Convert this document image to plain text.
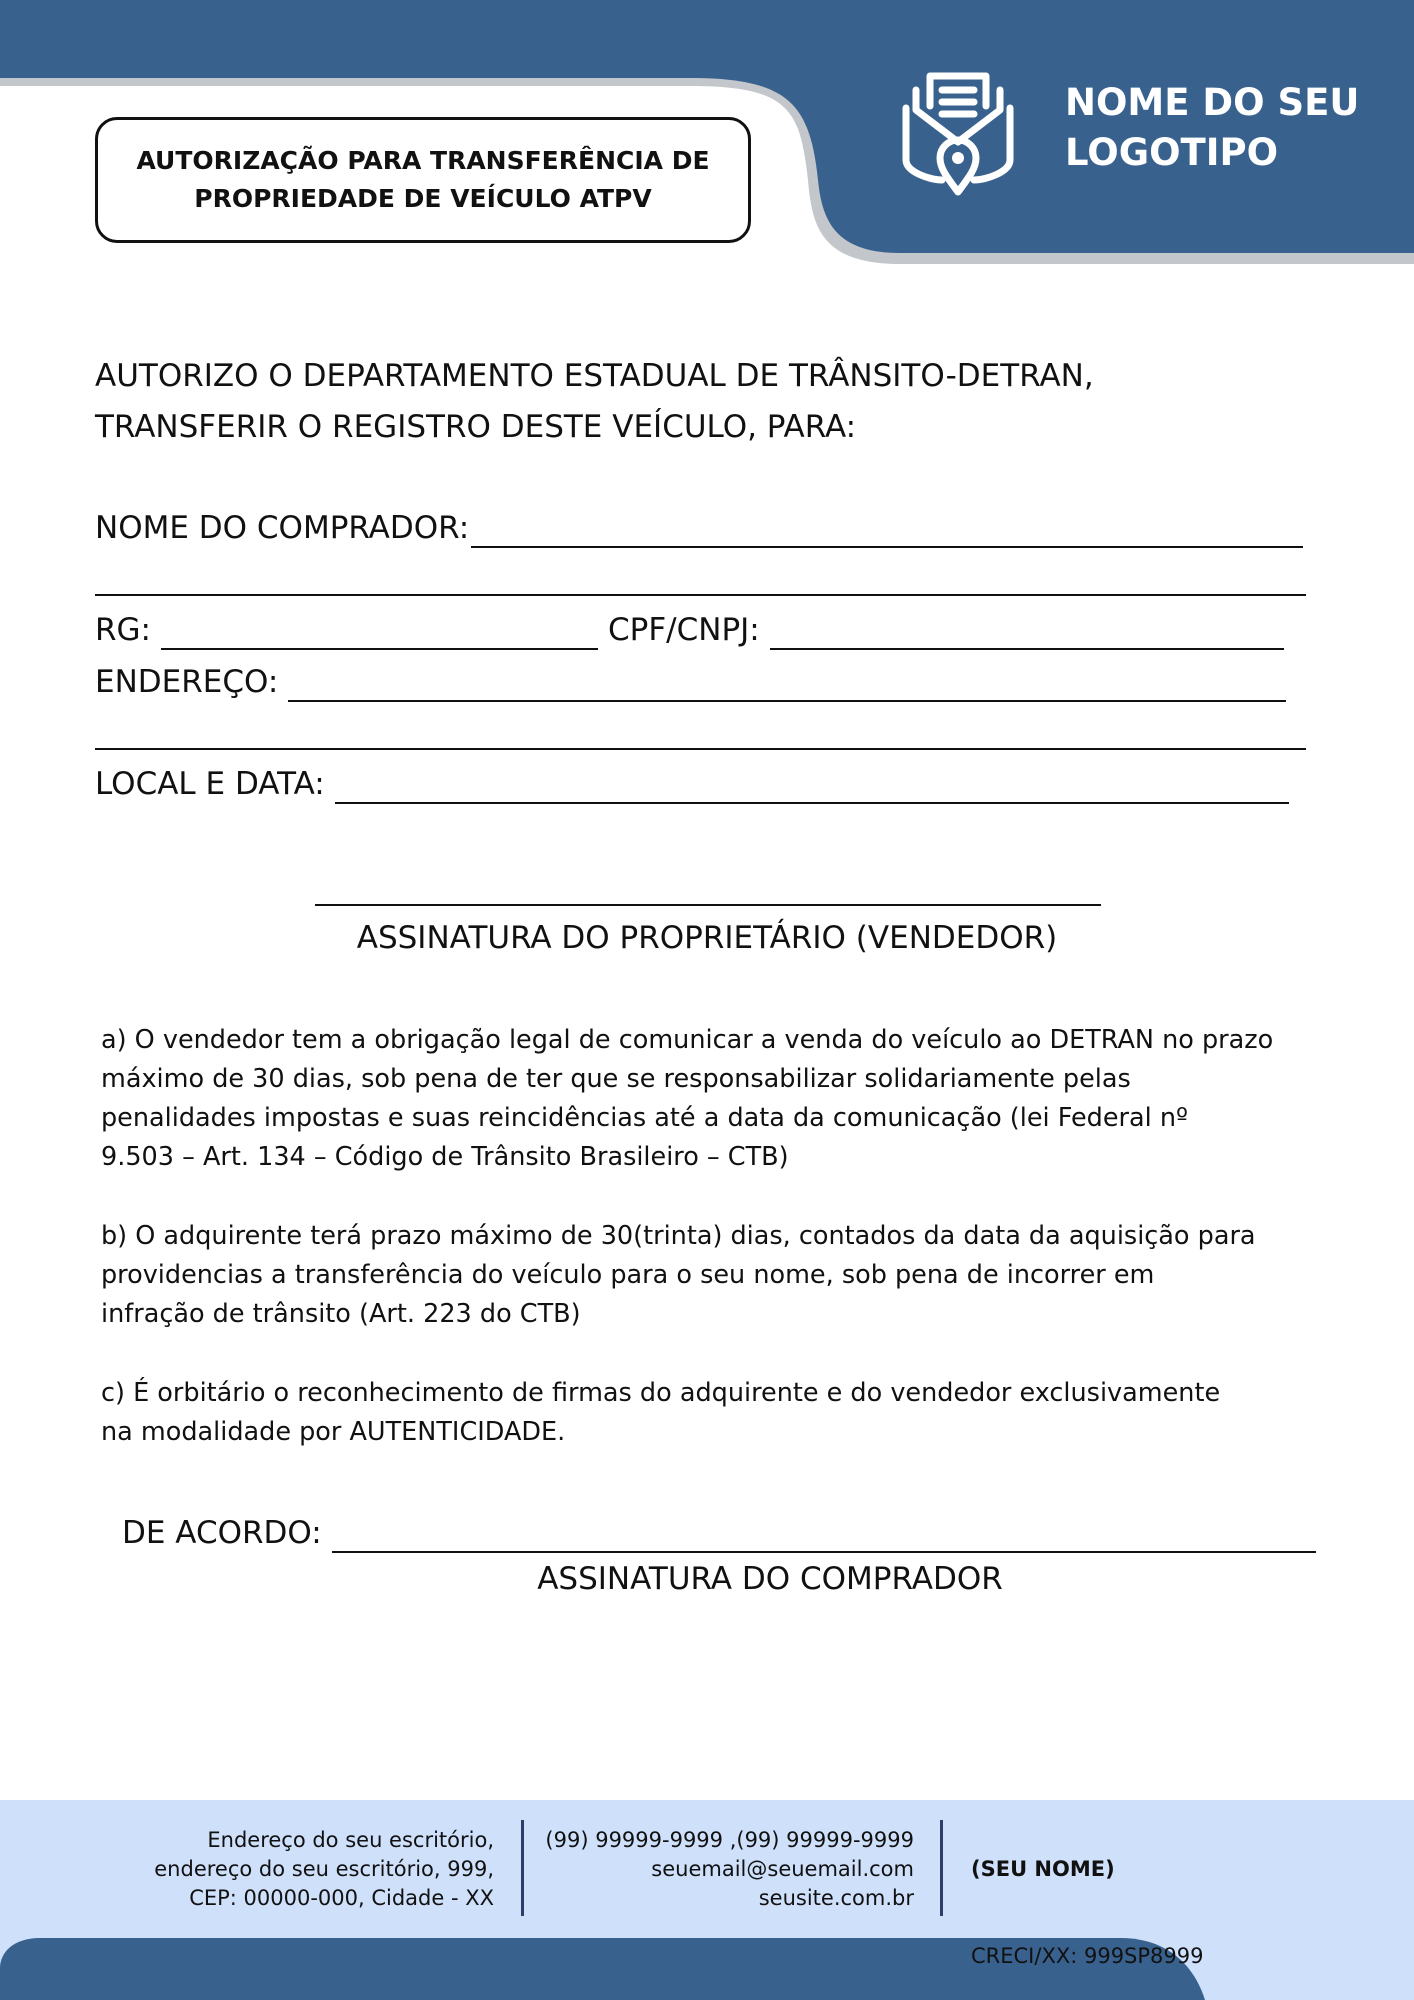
NOME DO SEU
LOGOTIPO
AUTORIZAÇÃO PARA TRANSFERÊNCIA DE PROPRIEDADE DE VEÍCULO ATPV
AUTORIZO O DEPARTAMENTO ESTADUAL DE TRÂNSITO-DETRAN,
TRANSFERIR O REGISTRO DESTE VEÍCULO, PARA:
NOME DO COMPRADOR:
RG:	CPF/CNPJ:
ENDEREÇO:
LOCAL E DATA:
ASSINATURA DO PROPRIETÁRIO (VENDEDOR)

a) O vendedor tem a obrigação legal de comunicar a venda do veículo ao DETRAN no prazo
máximo de 30 dias, sob pena de ter que se responsabilizar solidariamente pelas
penalidades impostas e suas reincidências até a data da comunicação (lei Federal nº
9.503 – Art. 134 – Código de Trânsito Brasileiro – CTB)

b) O adquirente terá prazo máximo de 30(trinta) dias, contados da data da aquisição para
providencias a transferência do veículo para o seu nome, sob pena de incorrer em
infração de trânsito (Art. 223 do CTB)

c) É orbitário o reconhecimento de firmas do adquirente e do vendedor exclusivamente
na modalidade por AUTENTICIDADE.

DE ACORDO:
ASSINATURA DO COMPRADOR
Endereço do seu escritório,
endereço do seu escritório, 999,
CEP: 00000-000, Cidade - XX
(99) 99999-9999 ,(99) 99999-9999
seuemail@seuemail.com
seusite.com.br

(SEU NOME)

CRECI/XX: 999SP8999
